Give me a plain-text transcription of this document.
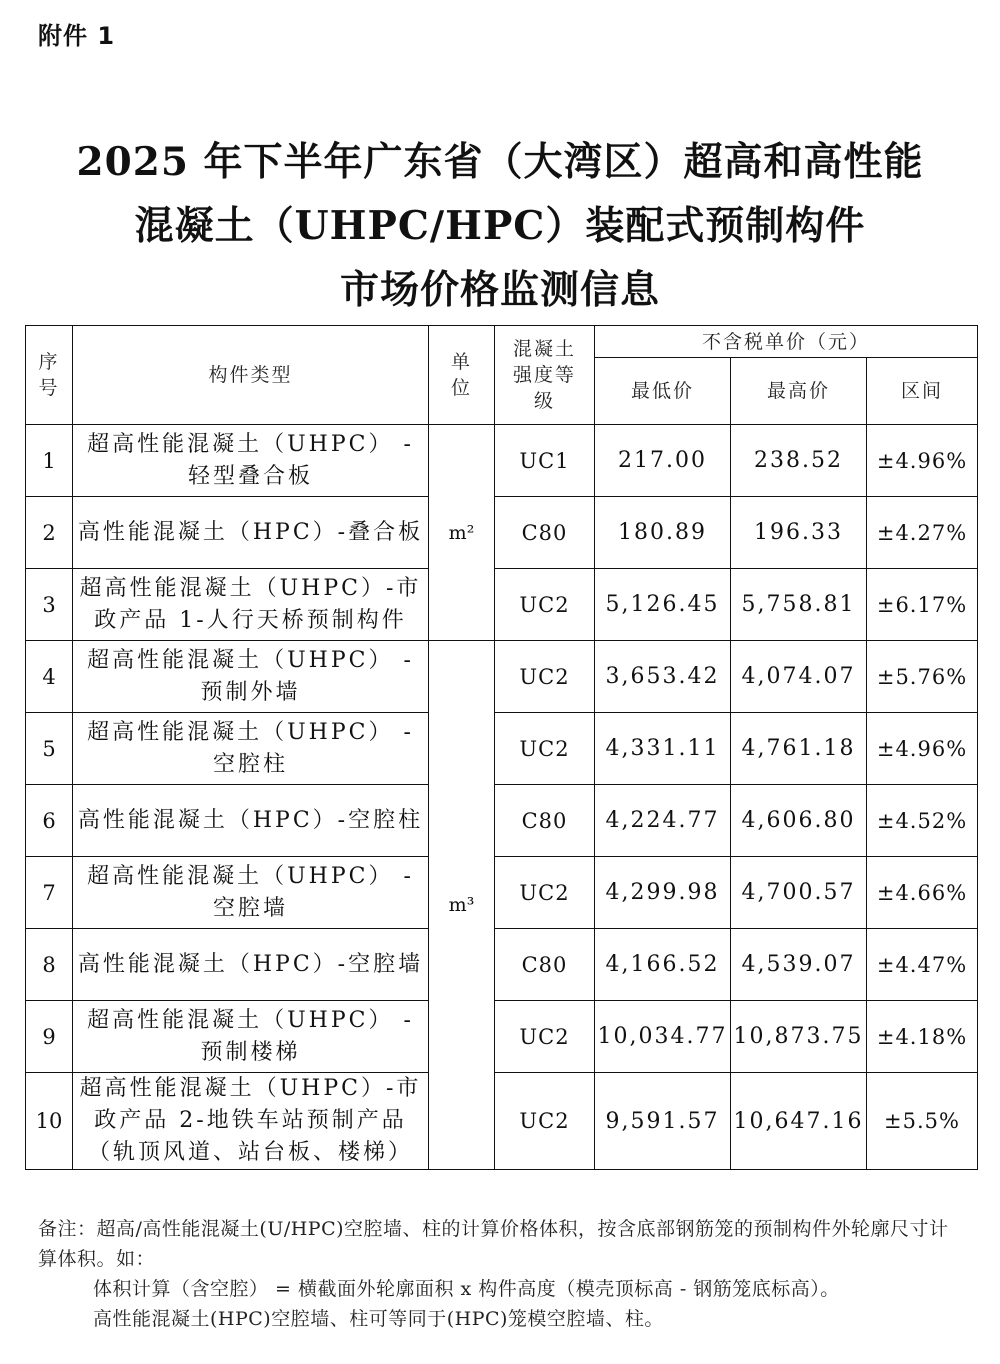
附件 1
2025 年下半年广东省（大湾区）超高和高性能
混凝土（UHPC/HPC）装配式预制构件
市场价格监测信息
序号	构件类型	单位	混凝土强度等级	不含税单价（元）		
				最低价	最高价	区间
1	超高性能混凝土（UHPC） -轻型叠合板	m²	UC1	217.00	238.52	±4.96%
2	高性能混凝土（HPC）-叠合板		C80	180.89	196.33	±4.27%
3	超高性能混凝土（UHPC）-市政产品 1-人行天桥预制构件		UC2	5,126.45	5,758.81	±6.17%
4	超高性能混凝土（UHPC） -预制外墙	m³	UC2	3,653.42	4,074.07	±5.76%
5	超高性能混凝土（UHPC） -空腔柱		UC2	4,331.11	4,761.18	±4.96%
6	高性能混凝土（HPC）-空腔柱		C80	4,224.77	4,606.80	±4.52%
7	超高性能混凝土（UHPC） -空腔墙		UC2	4,299.98	4,700.57	±4.66%
8	高性能混凝土（HPC）-空腔墙		C80	4,166.52	4,539.07	±4.47%
9	超高性能混凝土（UHPC） -预制楼梯		UC2	10,034.77	10,873.75	±4.18%
10	超高性能混凝土（UHPC）-市政产品 2-地铁车站预制产品（轨顶风道、站台板、楼梯）		UC2	9,591.57	10,647.16	±5.5%
备注：超高/高性能混凝土(U/HPC)空腔墙、柱的计算价格体积，按含底部钢筋笼的预制构件外轮廓尺寸计算体积。如：
体积计算（含空腔） = 横截面外轮廓面积 x 构件高度（模壳顶标高 - 钢筋笼底标高）。
高性能混凝土(HPC)空腔墙、柱可等同于(HPC)笼模空腔墙、柱。
